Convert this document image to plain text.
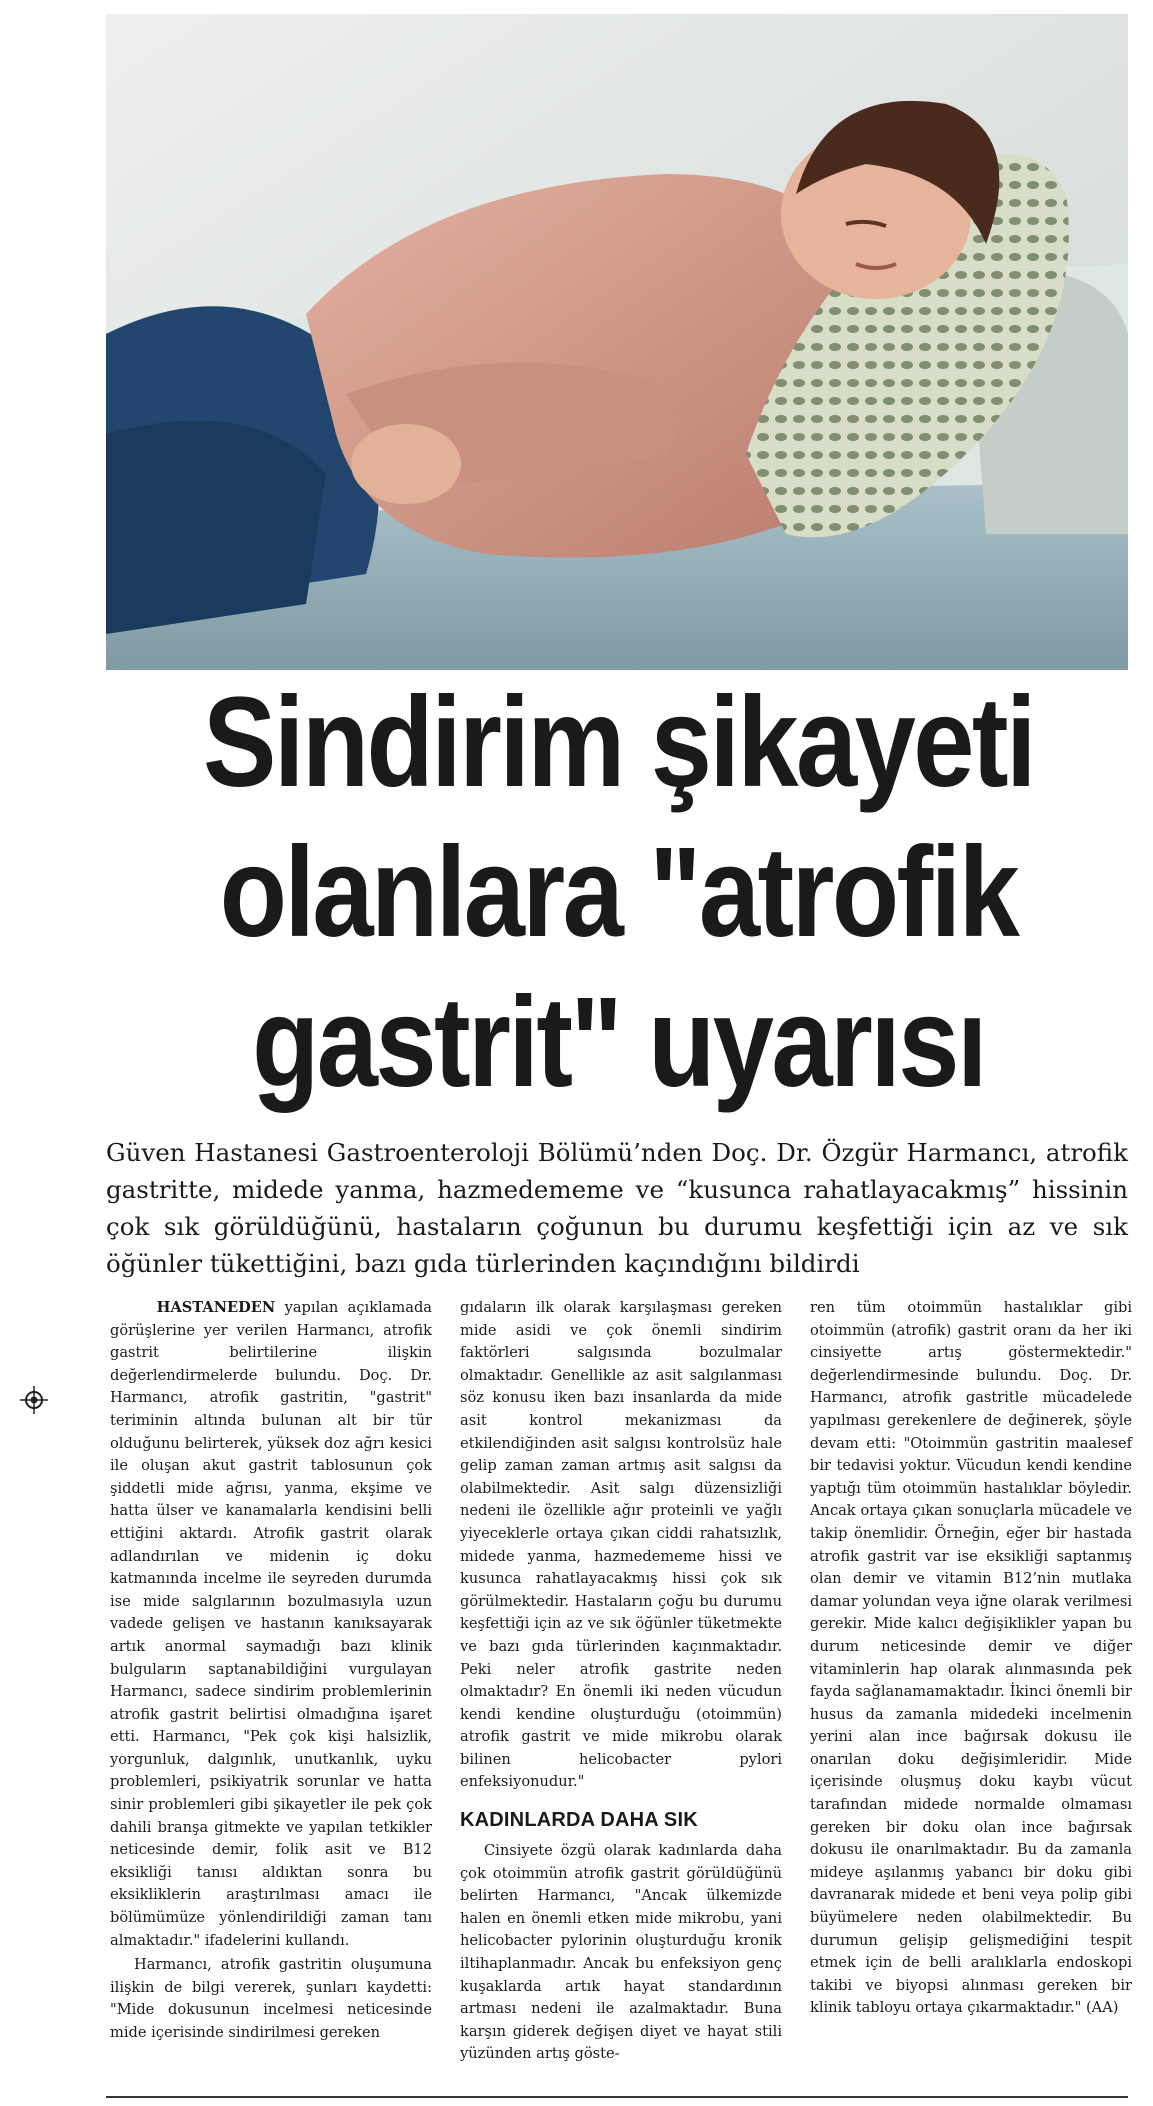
Sindirim şikayeti
olanlara "atrofik
gastrit" uyarısı
Güven Hastanesi Gastroenteroloji Bölümü’nden Doç. Dr. Özgür Harmancı, atrofik gastritte, midede yanma, hazmedememe ve “kusunca rahatlayacakmış” hissinin çok sık görüldüğünü, hastaların çoğunun bu durumu keşfettiği için az ve sık öğünler tükettiğini, bazı gıda türlerinden kaçındığını bildirdi

HASTANEDEN yapılan açıklamada görüşlerine yer verilen Harmancı, atrofik gastrit belirtilerine ilişkin değerlendirmelerde bulundu. Doç. Dr. Harmancı, atrofik gastritin, "gastrit" teriminin altında bulunan alt bir tür olduğunu belirterek, yüksek doz ağrı kesici ile oluşan akut gastrit tablosunun çok şiddetli mide ağrısı, yanma, ekşime ve hatta ülser ve kanamalarla kendisini belli ettiğini aktardı. Atrofik gastrit olarak adlandırılan ve midenin iç doku katmanında incelme ile seyreden durumda ise mide salgılarının bozulmasıyla uzun vadede gelişen ve hastanın kanıksayarak artık anormal saymadığı bazı klinik bulguların saptanabildiğini vurgulayan Harmancı, sadece sindirim problemlerinin atrofik gastrit belirtisi olmadığına işaret etti. Harmancı, "Pek çok kişi halsizlik, yorgunluk, dalgınlık, unutkanlık, uyku problemleri, psikiyatrik sorunlar ve hatta sinir problemleri gibi şikayetler ile pek çok dahili branşa gitmekte ve yapılan tetkikler neticesinde demir, folik asit ve B12 eksikliği tanısı aldıktan sonra bu eksikliklerin araştırılması amacı ile bölümümüze yönlendirildiği zaman tanı almaktadır." ifadelerini kullandı.

Harmancı, atrofik gastritin oluşumuna ilişkin de bilgi vererek, şunları kaydetti: "Mide dokusunun incelmesi neticesinde mide içerisinde sindirilmesi gereken

gıdaların ilk olarak karşılaşması gereken mide asidi ve çok önemli sindirim faktörleri salgısında bozulmalar olmaktadır. Genellikle az asit salgılanması söz konusu iken bazı insanlarda da mide asit kontrol mekanizması da etkilendiğinden asit salgısı kontrolsüz hale gelip zaman zaman artmış asit salgısı da olabilmektedir. Asit salgı düzensizliği nedeni ile özellikle ağır proteinli ve yağlı yiyeceklerle ortaya çıkan ciddi rahatsızlık, midede yanma, hazmedememe hissi ve kusunca rahatlayacakmış hissi çok sık görülmektedir. Hastaların çoğu bu durumu keşfettiği için az ve sık öğünler tüketmekte ve bazı gıda türlerinden kaçınmaktadır. Peki neler atrofik gastrite neden olmaktadır? En önemli iki neden vücudun kendi kendine oluşturduğu (otoimmün) atrofik gastrit ve mide mikrobu olarak bilinen helicobacter pylori enfeksiyonudur."

KADINLARDA DAHA SIK

Cinsiyete özgü olarak kadınlarda daha çok otoimmün atrofik gastrit görüldüğünü belirten Harmancı, "Ancak ülkemizde halen en önemli etken mide mikrobu, yani helicobacter pylorinin oluşturduğu kronik iltihaplanmadır. Ancak bu enfeksiyon genç kuşaklarda artık hayat standardının artması nedeni ile azalmaktadır. Buna karşın giderek değişen diyet ve hayat stili yüzünden artış göste-

ren tüm otoimmün hastalıklar gibi otoimmün (atrofik) gastrit oranı da her iki cinsiyette artış göstermektedir." değerlendirmesinde bulundu. Doç. Dr. Harmancı, atrofik gastritle mücadelede yapılması gerekenlere de değinerek, şöyle devam etti: "Otoimmün gastritin maalesef bir tedavisi yoktur. Vücudun kendi kendine yaptığı tüm otoimmün hastalıklar böyledir. Ancak ortaya çıkan sonuçlarla mücadele ve takip önemlidir. Örneğin, eğer bir hastada atrofik gastrit var ise eksikliği saptanmış olan demir ve vitamin B12’nin mutlaka damar yolundan veya iğne olarak verilmesi gerekir. Mide kalıcı değişiklikler yapan bu durum neticesinde demir ve diğer vitaminlerin hap olarak alınmasında pek fayda sağlanamamaktadır. İkinci önemli bir husus da zamanla midedeki incelmenin yerini alan ince bağırsak dokusu ile onarılan doku değişimleridir. Mide içerisinde oluşmuş doku kaybı vücut tarafından midede normalde olmaması gereken bir doku olan ince bağırsak dokusu ile onarılmaktadır. Bu da zamanla mideye aşılanmış yabancı bir doku gibi davranarak midede et beni veya polip gibi büyümelere neden olabilmektedir. Bu durumun gelişip gelişmediğini tespit etmek için de belli aralıklarla endoskopi takibi ve biyopsi alınması gereken bir klinik tabloyu ortaya çıkarmaktadır." (AA)
